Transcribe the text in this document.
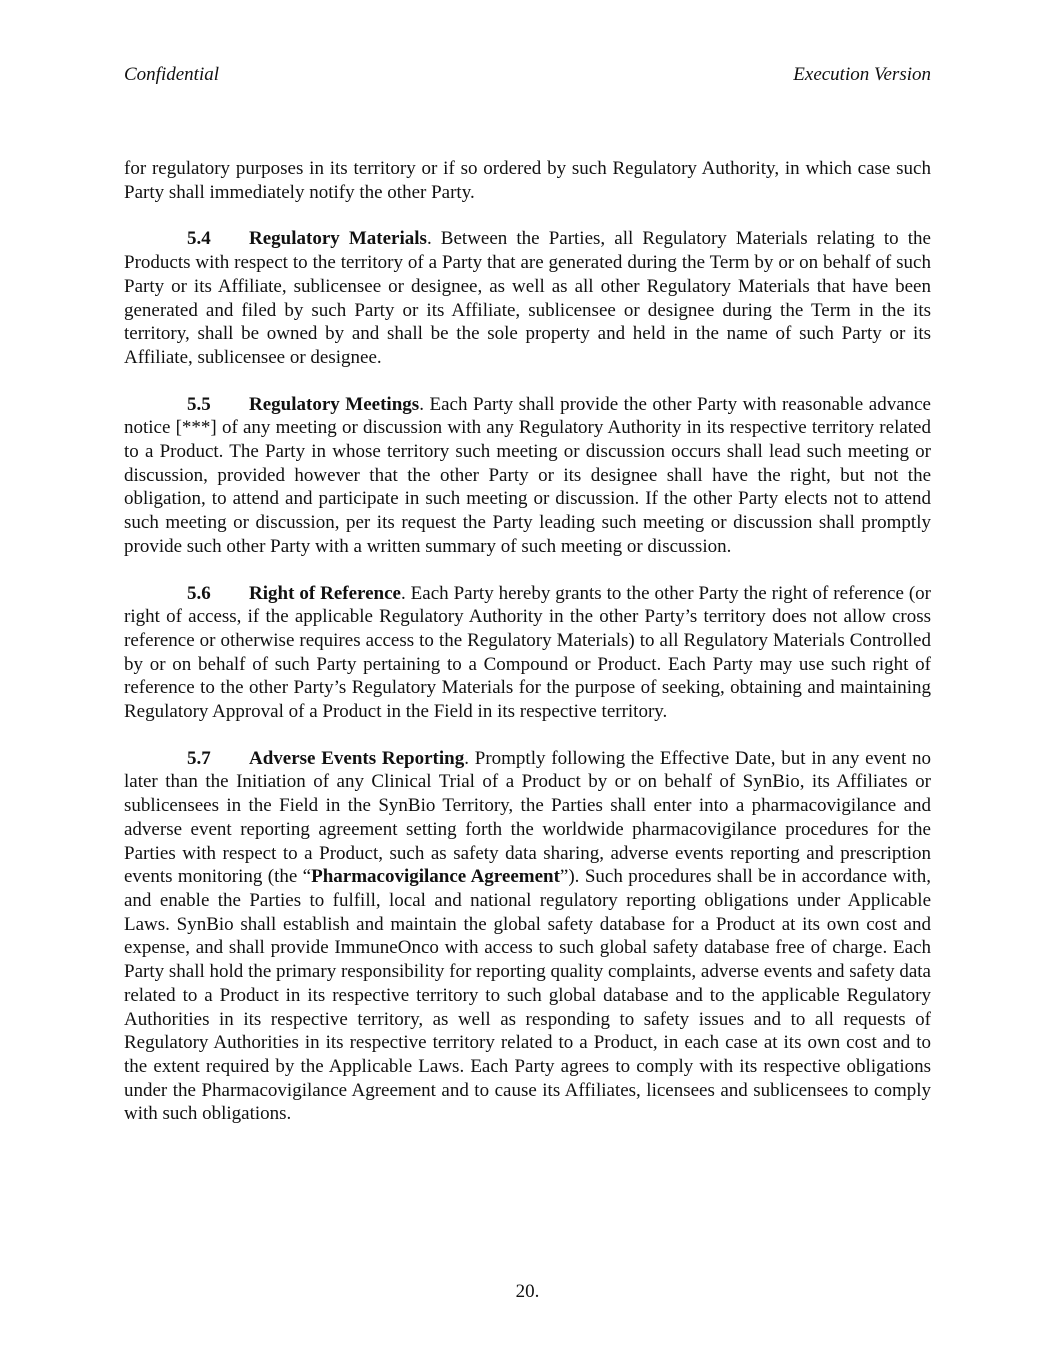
Confidential	Execution Version

for regulatory purposes in its territory or if so ordered by such Regulatory Authority, in which case such Party shall immediately notify the other Party.

5.4 Regulatory Materials. Between the Parties, all Regulatory Materials relating to the Products with respect to the territory of a Party that are generated during the Term by or on behalf of such Party or its Affiliate, sublicensee or designee, as well as all other Regulatory Materials that have been generated and filed by such Party or its Affiliate, sublicensee or designee during the Term in the its territory, shall be owned by and shall be the sole property and held in the name of such Party or its Affiliate, sublicensee or designee.

5.5 Regulatory Meetings. Each Party shall provide the other Party with reasonable advance notice [***] of any meeting or discussion with any Regulatory Authority in its respective territory related to a Product. The Party in whose territory such meeting or discussion occurs shall lead such meeting or discussion, provided however that the other Party or its designee shall have the right, but not the obligation, to attend and participate in such meeting or discussion. If the other Party elects not to attend such meeting or discussion, per its request the Party leading such meeting or discussion shall promptly provide such other Party with a written summary of such meeting or discussion.

5.6 Right of Reference. Each Party hereby grants to the other Party the right of reference (or right of access, if the applicable Regulatory Authority in the other Party’s territory does not allow cross reference or otherwise requires access to the Regulatory Materials) to all Regulatory Materials Controlled by or on behalf of such Party pertaining to a Compound or Product. Each Party may use such right of reference to the other Party’s Regulatory Materials for the purpose of seeking, obtaining and maintaining Regulatory Approval of a Product in the Field in its respective territory.

5.7 Adverse Events Reporting. Promptly following the Effective Date, but in any event no later than the Initiation of any Clinical Trial of a Product by or on behalf of SynBio, its Affiliates or sublicensees in the Field in the SynBio Territory, the Parties shall enter into a pharmacovigilance and adverse event reporting agreement setting forth the worldwide pharmacovigilance procedures for the Parties with respect to a Product, such as safety data sharing, adverse events reporting and prescription events monitoring (the “Pharmacovigilance Agreement”). Such procedures shall be in accordance with, and enable the Parties to fulfill, local and national regulatory reporting obligations under Applicable Laws. SynBio shall establish and maintain the global safety database for a Product at its own cost and expense, and shall provide ImmuneOnco with access to such global safety database free of charge. Each Party shall hold the primary responsibility for reporting quality complaints, adverse events and safety data related to a Product in its respective territory to such global database and to the applicable Regulatory Authorities in its respective territory, as well as responding to safety issues and to all requests of Regulatory Authorities in its respective territory related to a Product, in each case at its own cost and to the extent required by the Applicable Laws. Each Party agrees to comply with its respective obligations under the Pharmacovigilance Agreement and to cause its Affiliates, licensees and sublicensees to comply with such obligations.

20.
